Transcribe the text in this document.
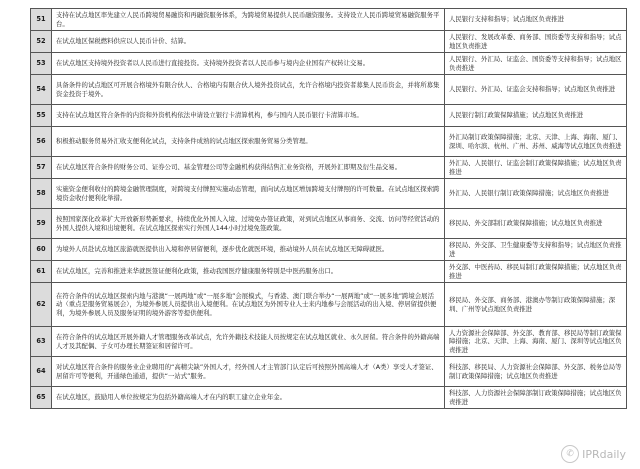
51	支持在试点地区率先建立人民币跨境贸易融资和再融资服务体系，为跨境贸易提供人民币融资服务。支持设立人民币跨境贸易融资服务平台。	人民银行支持和指导；试点地区负责推进
52	在试点地区保税燃料供应以人民币计价、结算。	人民银行、发展改革委、商务部、国资委等支持和指导；试点地区负责推进
53	在试点地区支持境外投资者以人民币进行直接投资。支持境外投资者以人民币参与境内企业国有产权转让交易。	人民银行、外汇局、证监会、国资委等支持和指导；试点地区负责推进
54	具备条件的试点地区可开展合格境外有限合伙人、合格境内有限合伙人境外投资试点，允许合格境内投资者募集人民币资金，并将所募集资金投资于境外。	人民银行、外汇局、证监会支持和指导；试点地区负责推进
55	支持在试点地区符合条件的内资和外资机构依法申请设立银行卡清算机构，参与国内人民币银行卡清算市场。	人民银行制订政策保障措施；试点地区负责推进
56	积极推动服务贸易外汇收支便利化试点，支持条件成熟的试点地区探索服务贸易分类管理。	外汇局制订政策保障措施；北京、天津、上海、海南、厦门、深圳、哈尔滨、杭州、广州、苏州、威海等试点地区负责推进
57	在试点地区符合条件的财务公司、证券公司、基金管理公司等金融机构获得结售汇业务资格，开展外汇即期及衍生品交易。	外汇局、人民银行、证监会制订政策保障措施；试点地区负责推进
58	实施资金便利收付的跨境金融管理制度，对跨境支付牌照实施动态管理，面向试点地区增加跨境支付牌照的许可数量。在试点地区探索跨境资金收付便利化举措。	外汇局、人民银行制订政策保障措施；试点地区负责推进
59	按照国家深化改革扩大开放新形势新要求，持续优化外国人入境、过境免办签证政策，对到试点地区从事商务、交流、访问等经贸活动的外国人提供入境和出境便利。在试点地区探索实行外国人144小时过境免签政策。	移民局、外交部制订政策保障措施；试点地区负责推进
60	为境外人员赴试点地区旅游就医提供出入境和停居留便利，逐步优化就医环境，推动境外人员在试点地区无障碍就医。	移民局、外交部、卫生健康委等支持和指导；试点地区负责推进
61	在试点地区，完善和推进来华就医签证便利化政策，推动我国医疗健康服务特别是中医药服务出口。	外交部、中医药局、移民局制订政策保障措施；试点地区负责推进
62	在符合条件的试点地区探索内地与港澳“一展两地”或“一展多地”会展模式，与香港、澳门联合举办“一展两地”或“一展多地”跨境会展活动（重点是服务贸易展会），为境外参展人员提供出入境便利。在试点地区为外国专业人士来内地参与会展活动的出入境、停居留提供便利，为境外参展人员及服务证明的境外游客等提供便利。	移民局、外交部、商务部、港澳办等制订政策保障措施；深圳、广州等试点地区负责推进
63	在符合条件的试点地区开展外籍人才管理服务改革试点，允许外籍技术技能人员按规定在试点地区就业、永久居留。符合条件的外籍高端人才及其配偶、子女可办理长期签证和居留许可。	人力资源社会保障部、外交部、教育部、移民局等制订政策保障措施；北京、天津、上海、海南、厦门、深圳等试点地区负责推进
64	对试点地区符合条件的服务业企业聘用的“高精尖缺”外国人才，经外国人才主管部门认定后可按照外国高端人才（A类）享受人才签证、居留许可等便利，开通绿色通道，提供“一站式”服务。	科技部、移民局、人力资源社会保障部、外交部、税务总局等制订政策保障措施；试点地区负责推进
65	在试点地区，鼓励用人单位按规定为包括外籍高端人才在内的职工建立企业年金。	科技部、人力资源社会保障部制订政策保障措施；试点地区负责推进
✆ IPRdaily
